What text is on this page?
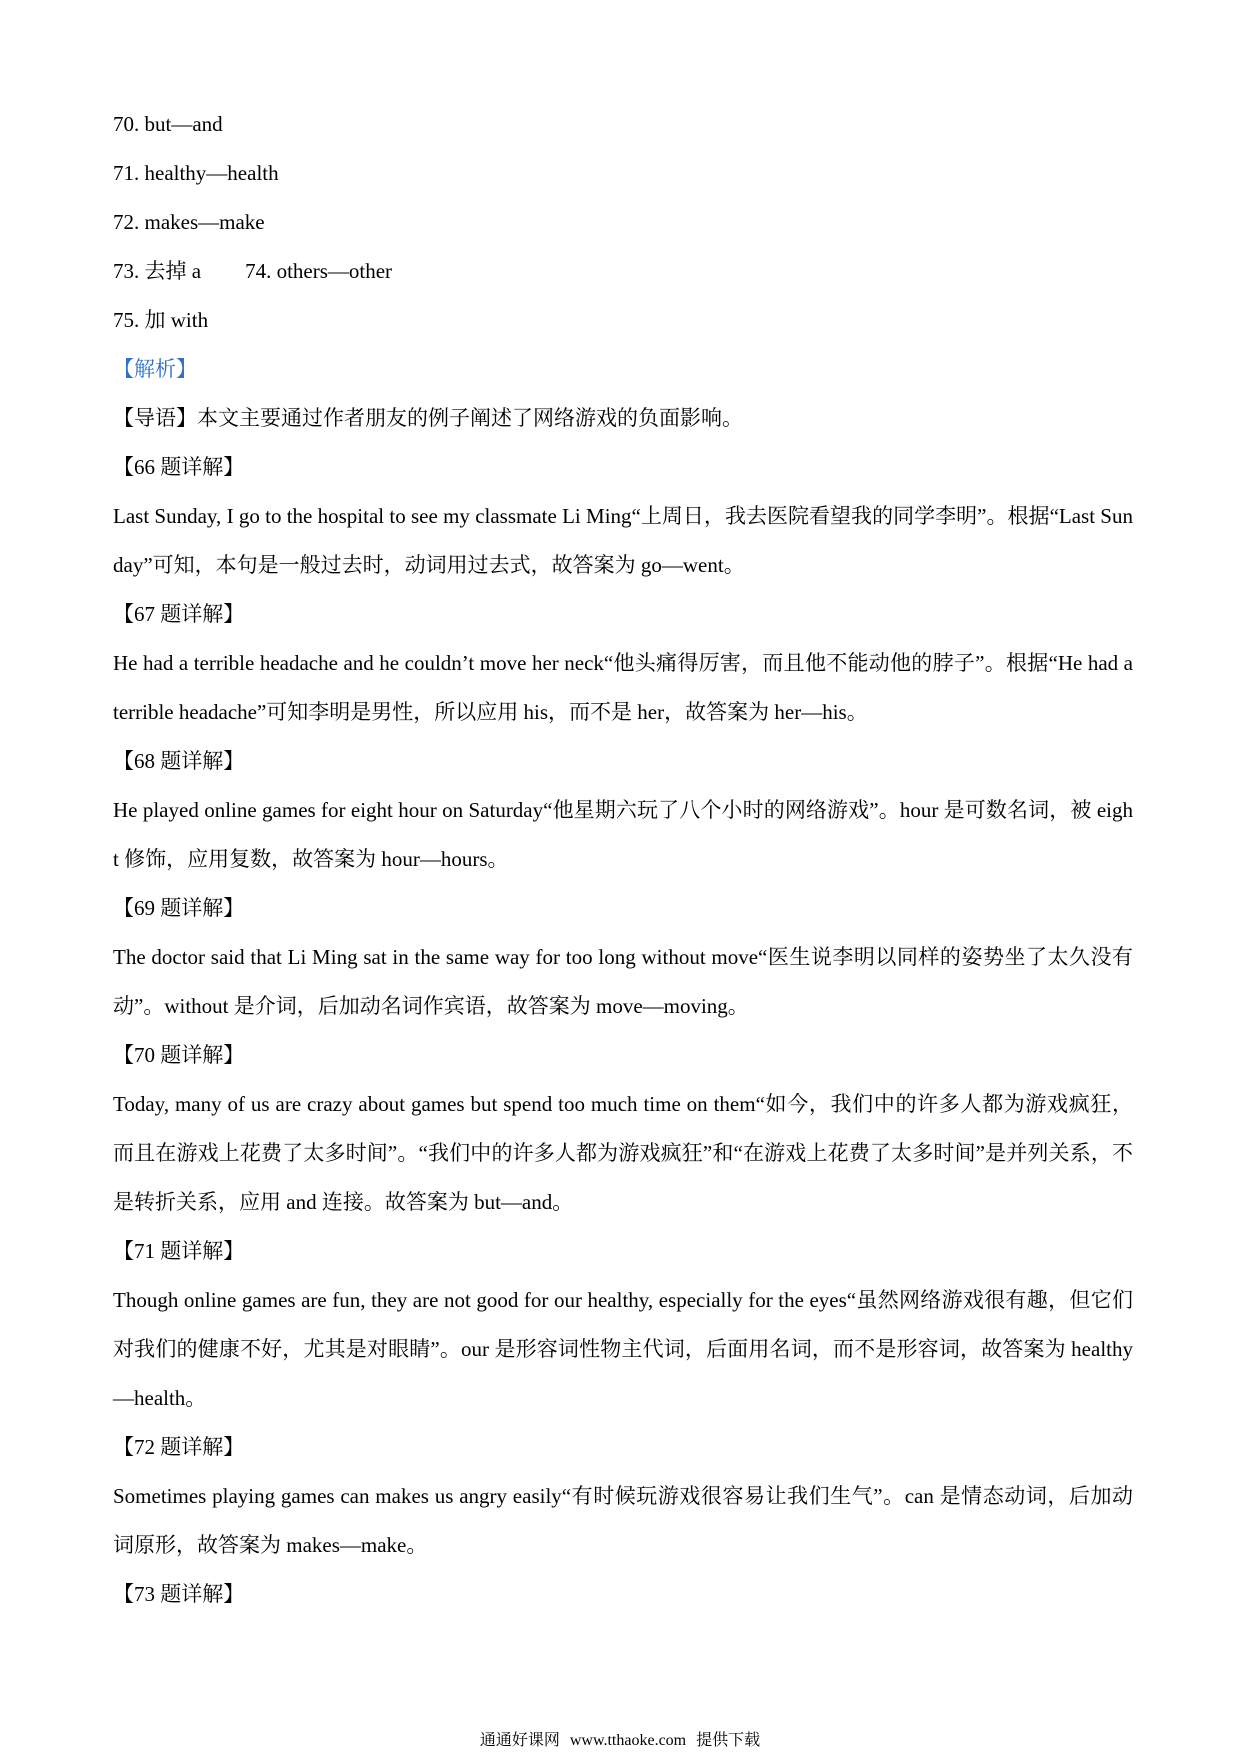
70. but—and
71. healthy—health
72. makes—make
73. 去掉 a 74. others—other
75. 加 with
【解析】
【导语】本文主要通过作者朋友的例子阐述了网络游戏的负面影响。
【66 题详解】
Last Sunday, I go to the hospital to see my classmate Li Ming“上周日，我去医院看望我的同学李明”。根据“Last Sunday”可知，本句是一般过去时，动词用过去式，故答案为 go—went。
【67 题详解】
He had a terrible headache and he couldn’t move her neck“他头痛得厉害，而且他不能动他的脖子”。根据“He had a terrible headache”可知李明是男性，所以应用 his，而不是 her，故答案为 her—his。
【68 题详解】
He played online games for eight hour on Saturday“他星期六玩了八个小时的网络游戏”。hour 是可数名词，被 eight 修饰，应用复数，故答案为 hour—hours。
【69 题详解】
The doctor said that Li Ming sat in the same way for too long without move“医生说李明以同样的姿势坐了太久没有动”。without 是介词，后加动名词作宾语，故答案为 move—moving。
【70 题详解】
Today, many of us are crazy about games but spend too much time on them“如今，我们中的许多人都为游戏疯狂，而且在游戏上花费了太多时间”。“我们中的许多人都为游戏疯狂”和“在游戏上花费了太多时间”是并列关系，不是转折关系，应用 and 连接。故答案为 but—and。
【71 题详解】
Though online games are fun, they are not good for our healthy, especially for the eyes“虽然网络游戏很有趣，但它们对我们的健康不好，尤其是对眼睛”。our 是形容词性物主代词，后面用名词，而不是形容词，故答案为 healthy—health。
【72 题详解】
Sometimes playing games can makes us angry easily“有时候玩游戏很容易让我们生气”。can 是情态动词，后加动词原形，故答案为 makes—make。
【73 题详解】
通通好课网 www.tthaoke.com 提供下载
